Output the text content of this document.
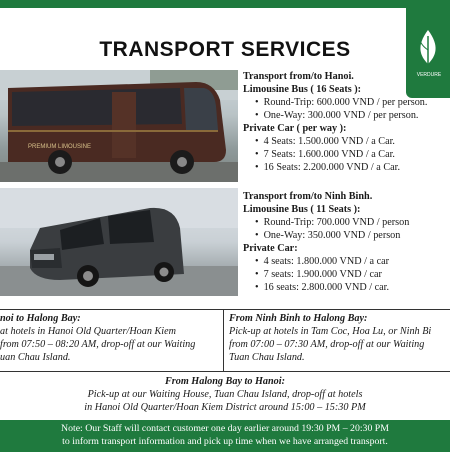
TRANSPORT SERVICES
VERDURE
PREMIUM LIMOUSINE

Transport from/to Hanoi.

Limousine Bus ( 16 Seats ):

• Round-Trip: 600.000 VND / per person.

• One-Way: 300.000 VND / per person.

Private Car ( per way ):

• 4 Seats: 1.500.000 VND / a Car.

• 7 Seats: 1.600.000 VND / a Car.

• 16 Seats: 2.200.000 VND / a Car.

Transport from/to Ninh Binh.

Limousine Bus ( 11 Seats ):

• Round-Trip: 700.000 VND / person

• One-Way: 350.000 VND / person

Private Car:

• 4 seats: 1.800.000 VND / a car

• 7 seats: 1.900.000 VND / car

• 16 seats: 2.800.000 VND / car.

noi to Halong Bay:
at hotels in Hanoi Old Quarter/Hoan Kiem
from 07:50 – 08:20 AM, drop-off at our Waiting
uan Chau Island.
From Ninh Binh to Halong Bay:
Pick-up at hotels in Tam Coc, Hoa Lu, or Ninh Bi
from 07:00 – 07:30 AM, drop-off at our Waiting
Tuan Chau Island.
From Halong Bay to Hanoi:
Pick-up at our Waiting House, Tuan Chau Island, drop-off at hotels
in Hanoi Old Quarter/Hoan Kiem District around 15:00 – 15:30 PM
Note: Our Staff will contact customer one day earlier around 19:30 PM – 20:30 PM
to inform transport information and pick up time when we have arranged transport.
